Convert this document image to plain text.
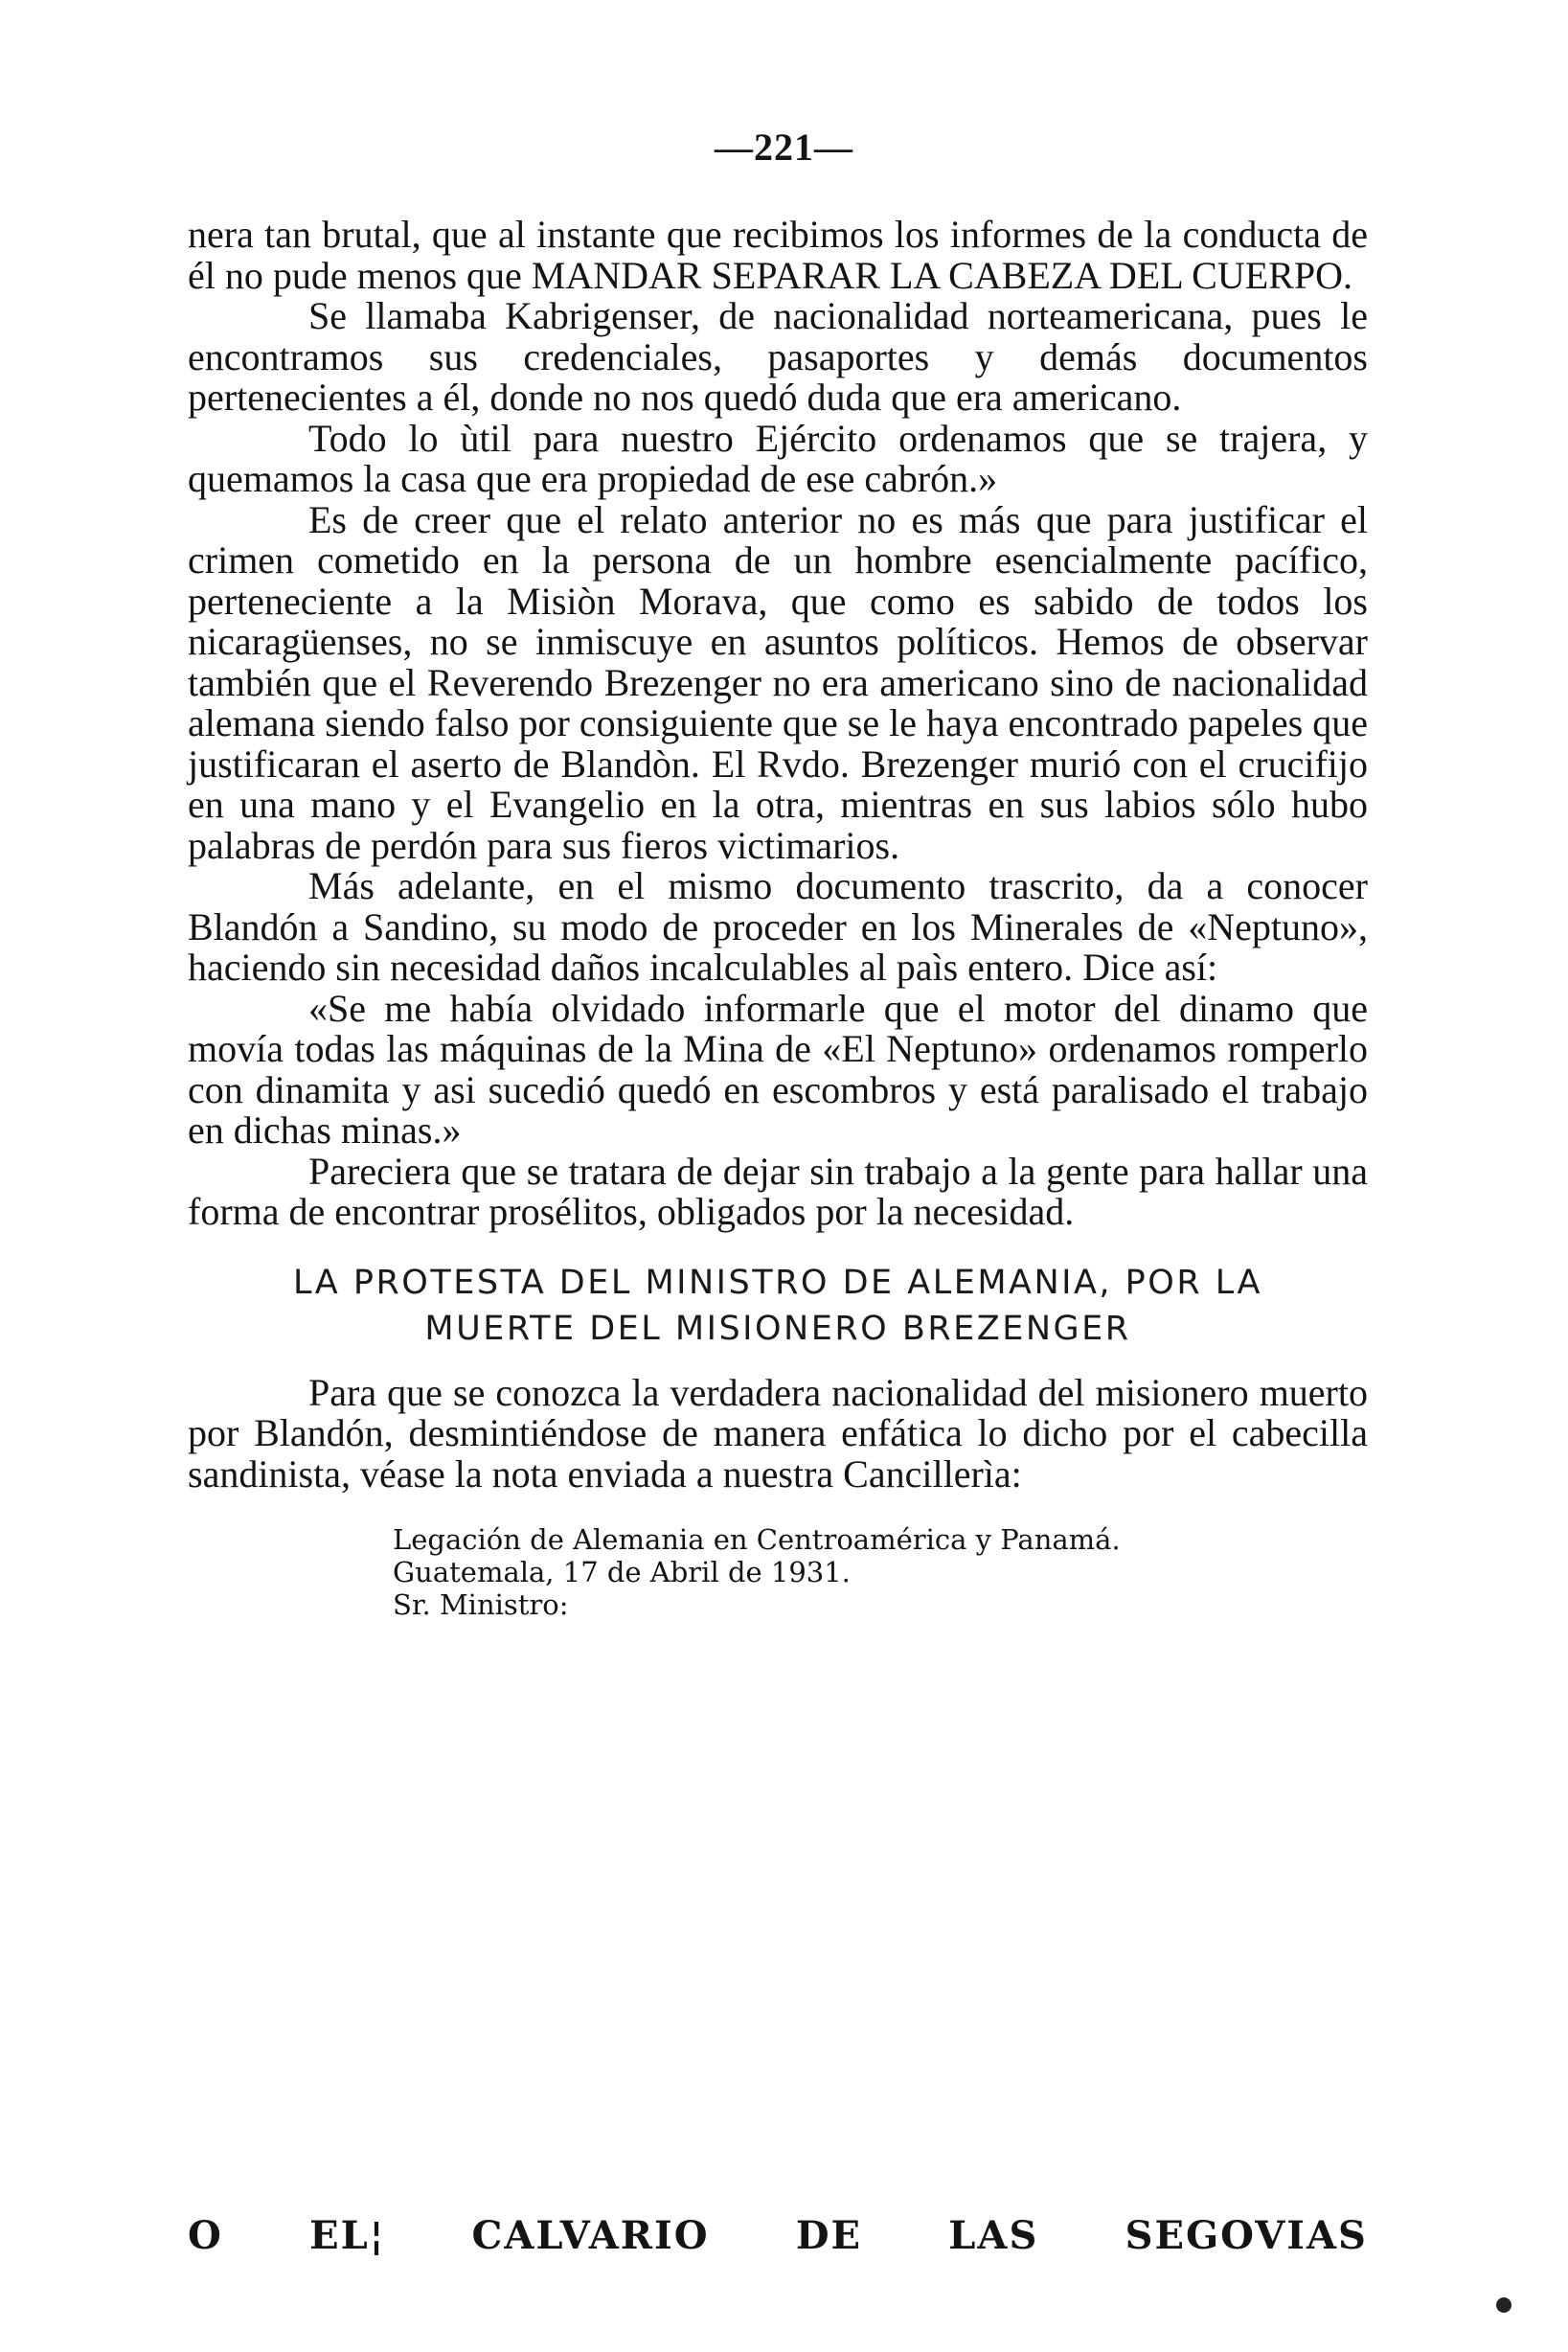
—221—

nera tan brutal, que al instante que recibimos los informes de la conducta de él no pude menos que MANDAR SEPARAR LA CABEZA DEL CUERPO.

Se llamaba Kabrigenser, de nacionalidad norteamericana, pues le encontramos sus credenciales, pasaportes y demás documentos pertenecientes a él, donde no nos quedó duda que era americano.

Todo lo ùtil para nuestro Ejército ordenamos que se trajera, y quemamos la casa que era propiedad de ese cabrón.»

Es de creer que el relato anterior no es más que para justificar el crimen cometido en la persona de un hombre esencialmente pacífico, perteneciente a la Misiòn Morava, que como es sabido de todos los nicaragüenses, no se inmiscuye en asuntos políticos. Hemos de observar también que el Reverendo Brezenger no era americano sino de nacionalidad alemana siendo falso por consiguiente que se le haya encontrado papeles que justificaran el aserto de Blandòn. El Rvdo. Brezenger murió con el crucifijo en una mano y el Evangelio en la otra, mientras en sus labios sólo hubo palabras de perdón para sus fieros victimarios.

Más adelante, en el mismo documento trascrito, da a conocer Blandón a Sandino, su modo de proceder en los Minerales de «Neptuno», haciendo sin necesidad daños incalculables al paìs entero. Dice así:

«Se me había olvidado informarle que el motor del dinamo que movía todas las máquinas de la Mina de «El Neptuno» ordenamos romperlo con dinamita y asi sucedió quedó en escombros y está paralisado el trabajo en dichas minas.»

Pareciera que se tratara de dejar sin trabajo a la gente para hallar una forma de encontrar prosélitos, obligados por la necesidad.

LA PROTESTA DEL MINISTRO DE ALEMANIA, POR LA
MUERTE DEL MISIONERO BREZENGER

Para que se conozca la verdadera nacionalidad del misionero muerto por Blandón, desmintiéndose de manera enfática lo dicho por el cabecilla sandinista, véase la nota enviada a nuestra Cancillerìa:

Legación de Alemania en Centroamérica y Panamá.
Guatemala, 17 de Abril de 1931.
Sr. Ministro:
O EL¦ CALVARIO DE LAS SEGOVIAS
